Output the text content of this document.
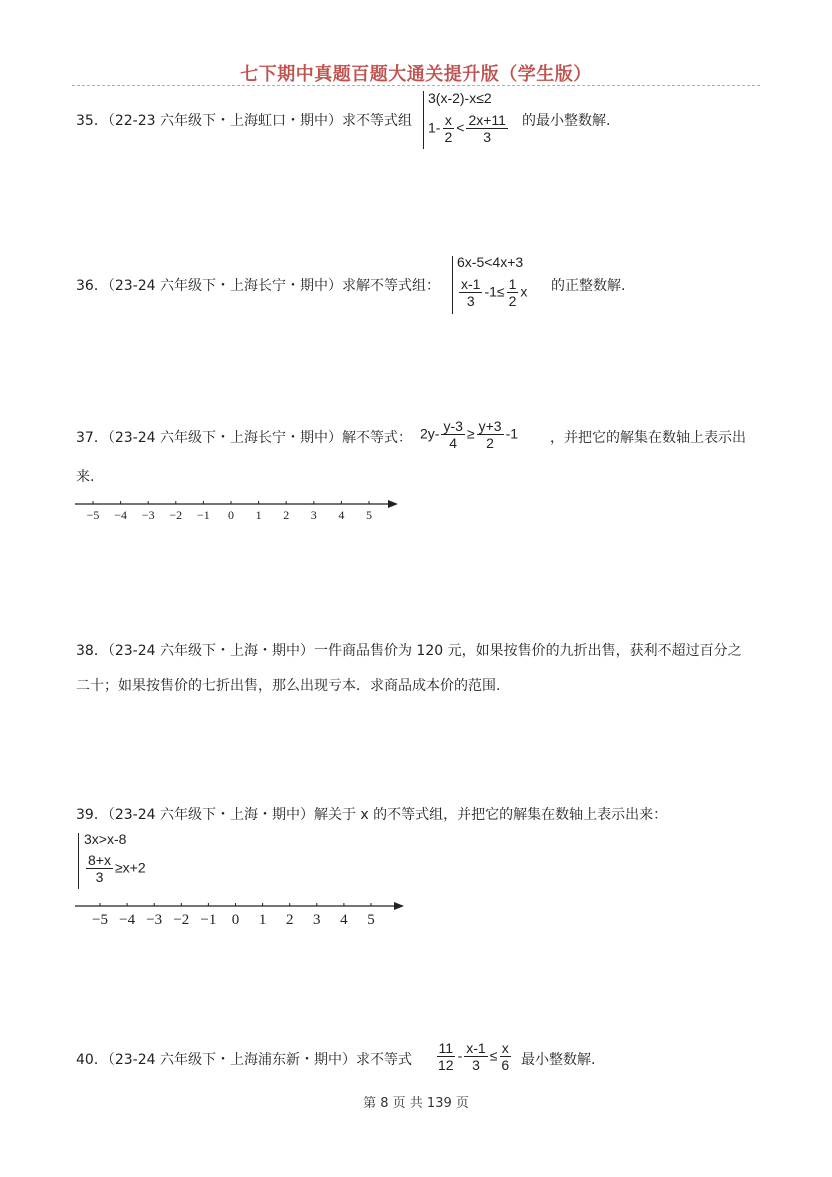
七下期中真题百题大通关提升版（学生版）
35．（22-23 六年级下・上海虹口・期中）求不等式组
3(x-2)-x≤2
$1- \frac{x}{2} < \frac{2x+11}{3}$ 的最小整数解.
36．（23-24 六年级下・上海长宁・期中）求解不等式组：
6x-5<4x+3
$\frac{x-1}{3} -1\le \frac{1}{2}$ x 的正整数解.
37．（23-24 六年级下・上海长宁・期中）解不等式： $2y- \frac{y-3}{4} \ge \frac{y+3}{2} -1$ ，并把它的解集在数轴上表示出
来.
−5 −4 −3 −2 −1 0 1 2 3 4 5
38．（23-24 六年级下・上海・期中）一件商品售价为 120 元，如果按售价的九折出售，获利不超过百分之
二十；如果按售价的七折出售，那么出现亏本．求商品成本价的范围.
39．（23-24 六年级下・上海・期中）解关于 x 的不等式组，并把它的解集在数轴上表示出来：
3x>x-8
$\frac{8+x}{3} \ge x+2$
−5 −4 −3 −2 −1 0 1 2 3 4 5
40．（23-24 六年级下・上海浦东新・期中）求不等式 $\frac{11}{12} - \frac{x-1}{3} \le \frac{x}{6}$ 最小整数解.
第 8 页 共 139 页
